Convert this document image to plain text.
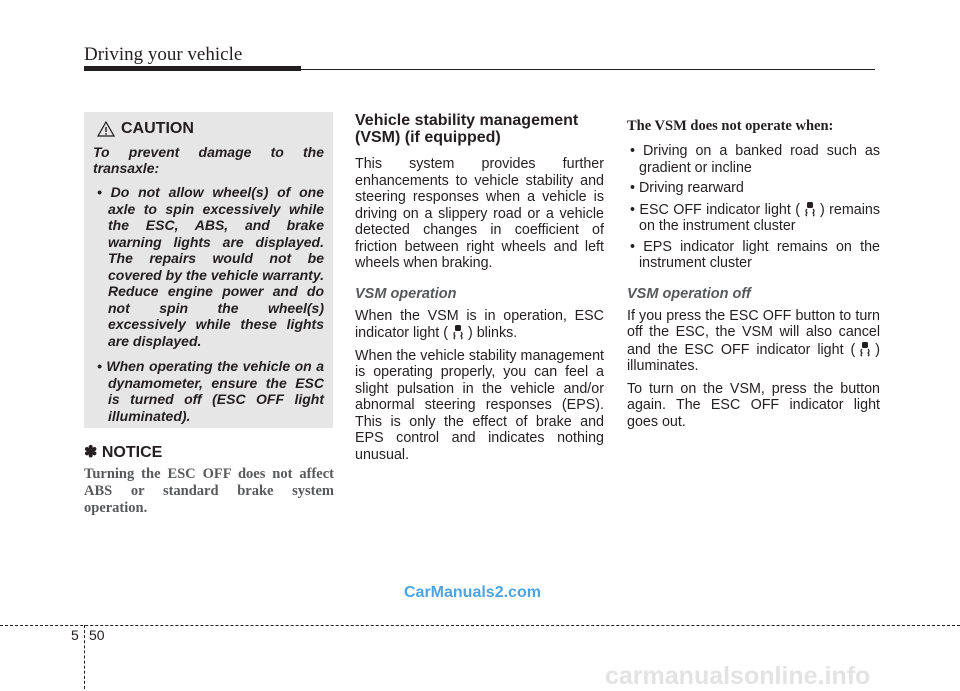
Driving your vehicle
CAUTION
To prevent damage to the transaxle:
• Do not allow wheel(s) of one axle to spin excessively while the ESC, ABS, and brake warning lights are displayed. The repairs would not be covered by the vehicle warranty. Reduce engine power and do not spin the wheel(s) excessively while these lights are displayed.
• When operating the vehicle on a dynamometer, ensure the ESC is turned off (ESC OFF light illuminated).
✽ NOTICE
Turning the ESC OFF does not affect ABS or standard brake system operation.
Vehicle stability management (VSM) (if equipped)

This system provides further enhancements to vehicle stability and steering responses when a vehicle is driving on a slippery road or a vehicle detected changes in coefficient of friction between right wheels and left wheels when braking.

VSM operation

When the VSM is in operation, ESC indicator light ( ) blinks.

When the vehicle stability management is operating properly, you can feel a slight pulsation in the vehicle and/or abnormal steering responses (EPS). This is only the effect of brake and EPS control and indicates nothing unusual.

The VSM does not operate when:
• Driving on a banked road such as gradient or incline
• Driving rearward
• ESC OFF indicator light ( ) remains on the instrument cluster
• EPS indicator light remains on the instrument cluster
VSM operation off

If you press the ESC OFF button to turn off the ESC, the VSM will also cancel and the ESC OFF indicator light ( ) illuminates.

To turn on the VSM, press the button again. The ESC OFF indicator light goes out.

CarManuals2.com
5 50
carmanualsonline.info
